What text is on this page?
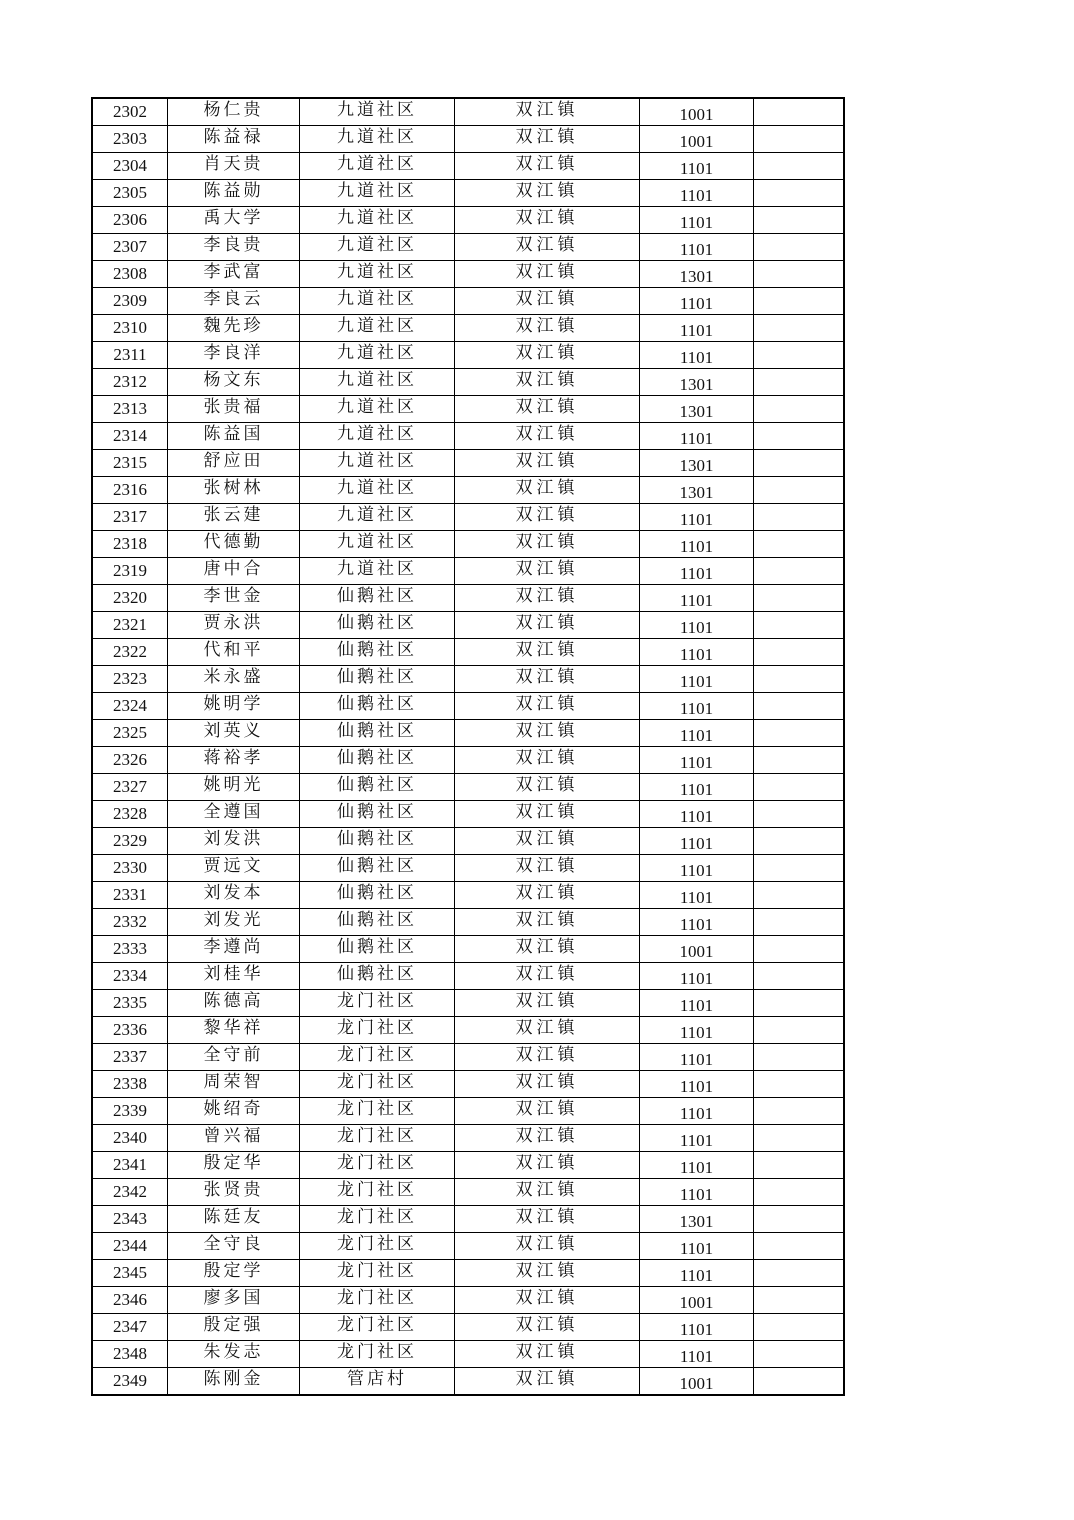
2302	杨仁贵	九道社区	双江镇	1001	
2303	陈益禄	九道社区	双江镇	1001	
2304	肖天贵	九道社区	双江镇	1101	
2305	陈益勋	九道社区	双江镇	1101	
2306	禹大学	九道社区	双江镇	1101	
2307	李良贵	九道社区	双江镇	1101	
2308	李武富	九道社区	双江镇	1301	
2309	李良云	九道社区	双江镇	1101	
2310	魏先珍	九道社区	双江镇	1101	
2311	李良洋	九道社区	双江镇	1101	
2312	杨文东	九道社区	双江镇	1301	
2313	张贵福	九道社区	双江镇	1301	
2314	陈益国	九道社区	双江镇	1101	
2315	舒应田	九道社区	双江镇	1301	
2316	张树林	九道社区	双江镇	1301	
2317	张云建	九道社区	双江镇	1101	
2318	代德勤	九道社区	双江镇	1101	
2319	唐中合	九道社区	双江镇	1101	
2320	李世金	仙鹅社区	双江镇	1101	
2321	贾永洪	仙鹅社区	双江镇	1101	
2322	代和平	仙鹅社区	双江镇	1101	
2323	米永盛	仙鹅社区	双江镇	1101	
2324	姚明学	仙鹅社区	双江镇	1101	
2325	刘英义	仙鹅社区	双江镇	1101	
2326	蒋裕孝	仙鹅社区	双江镇	1101	
2327	姚明光	仙鹅社区	双江镇	1101	
2328	全遵国	仙鹅社区	双江镇	1101	
2329	刘发洪	仙鹅社区	双江镇	1101	
2330	贾远文	仙鹅社区	双江镇	1101	
2331	刘发本	仙鹅社区	双江镇	1101	
2332	刘发光	仙鹅社区	双江镇	1101	
2333	李遵尚	仙鹅社区	双江镇	1001	
2334	刘桂华	仙鹅社区	双江镇	1101	
2335	陈德高	龙门社区	双江镇	1101	
2336	黎华祥	龙门社区	双江镇	1101	
2337	全守前	龙门社区	双江镇	1101	
2338	周荣智	龙门社区	双江镇	1101	
2339	姚绍奇	龙门社区	双江镇	1101	
2340	曾兴福	龙门社区	双江镇	1101	
2341	殷定华	龙门社区	双江镇	1101	
2342	张贤贵	龙门社区	双江镇	1101	
2343	陈廷友	龙门社区	双江镇	1301	
2344	全守良	龙门社区	双江镇	1101	
2345	殷定学	龙门社区	双江镇	1101	
2346	廖多国	龙门社区	双江镇	1001	
2347	殷定强	龙门社区	双江镇	1101	
2348	朱发志	龙门社区	双江镇	1101	
2349	陈刚金	管店村	双江镇	1001	
